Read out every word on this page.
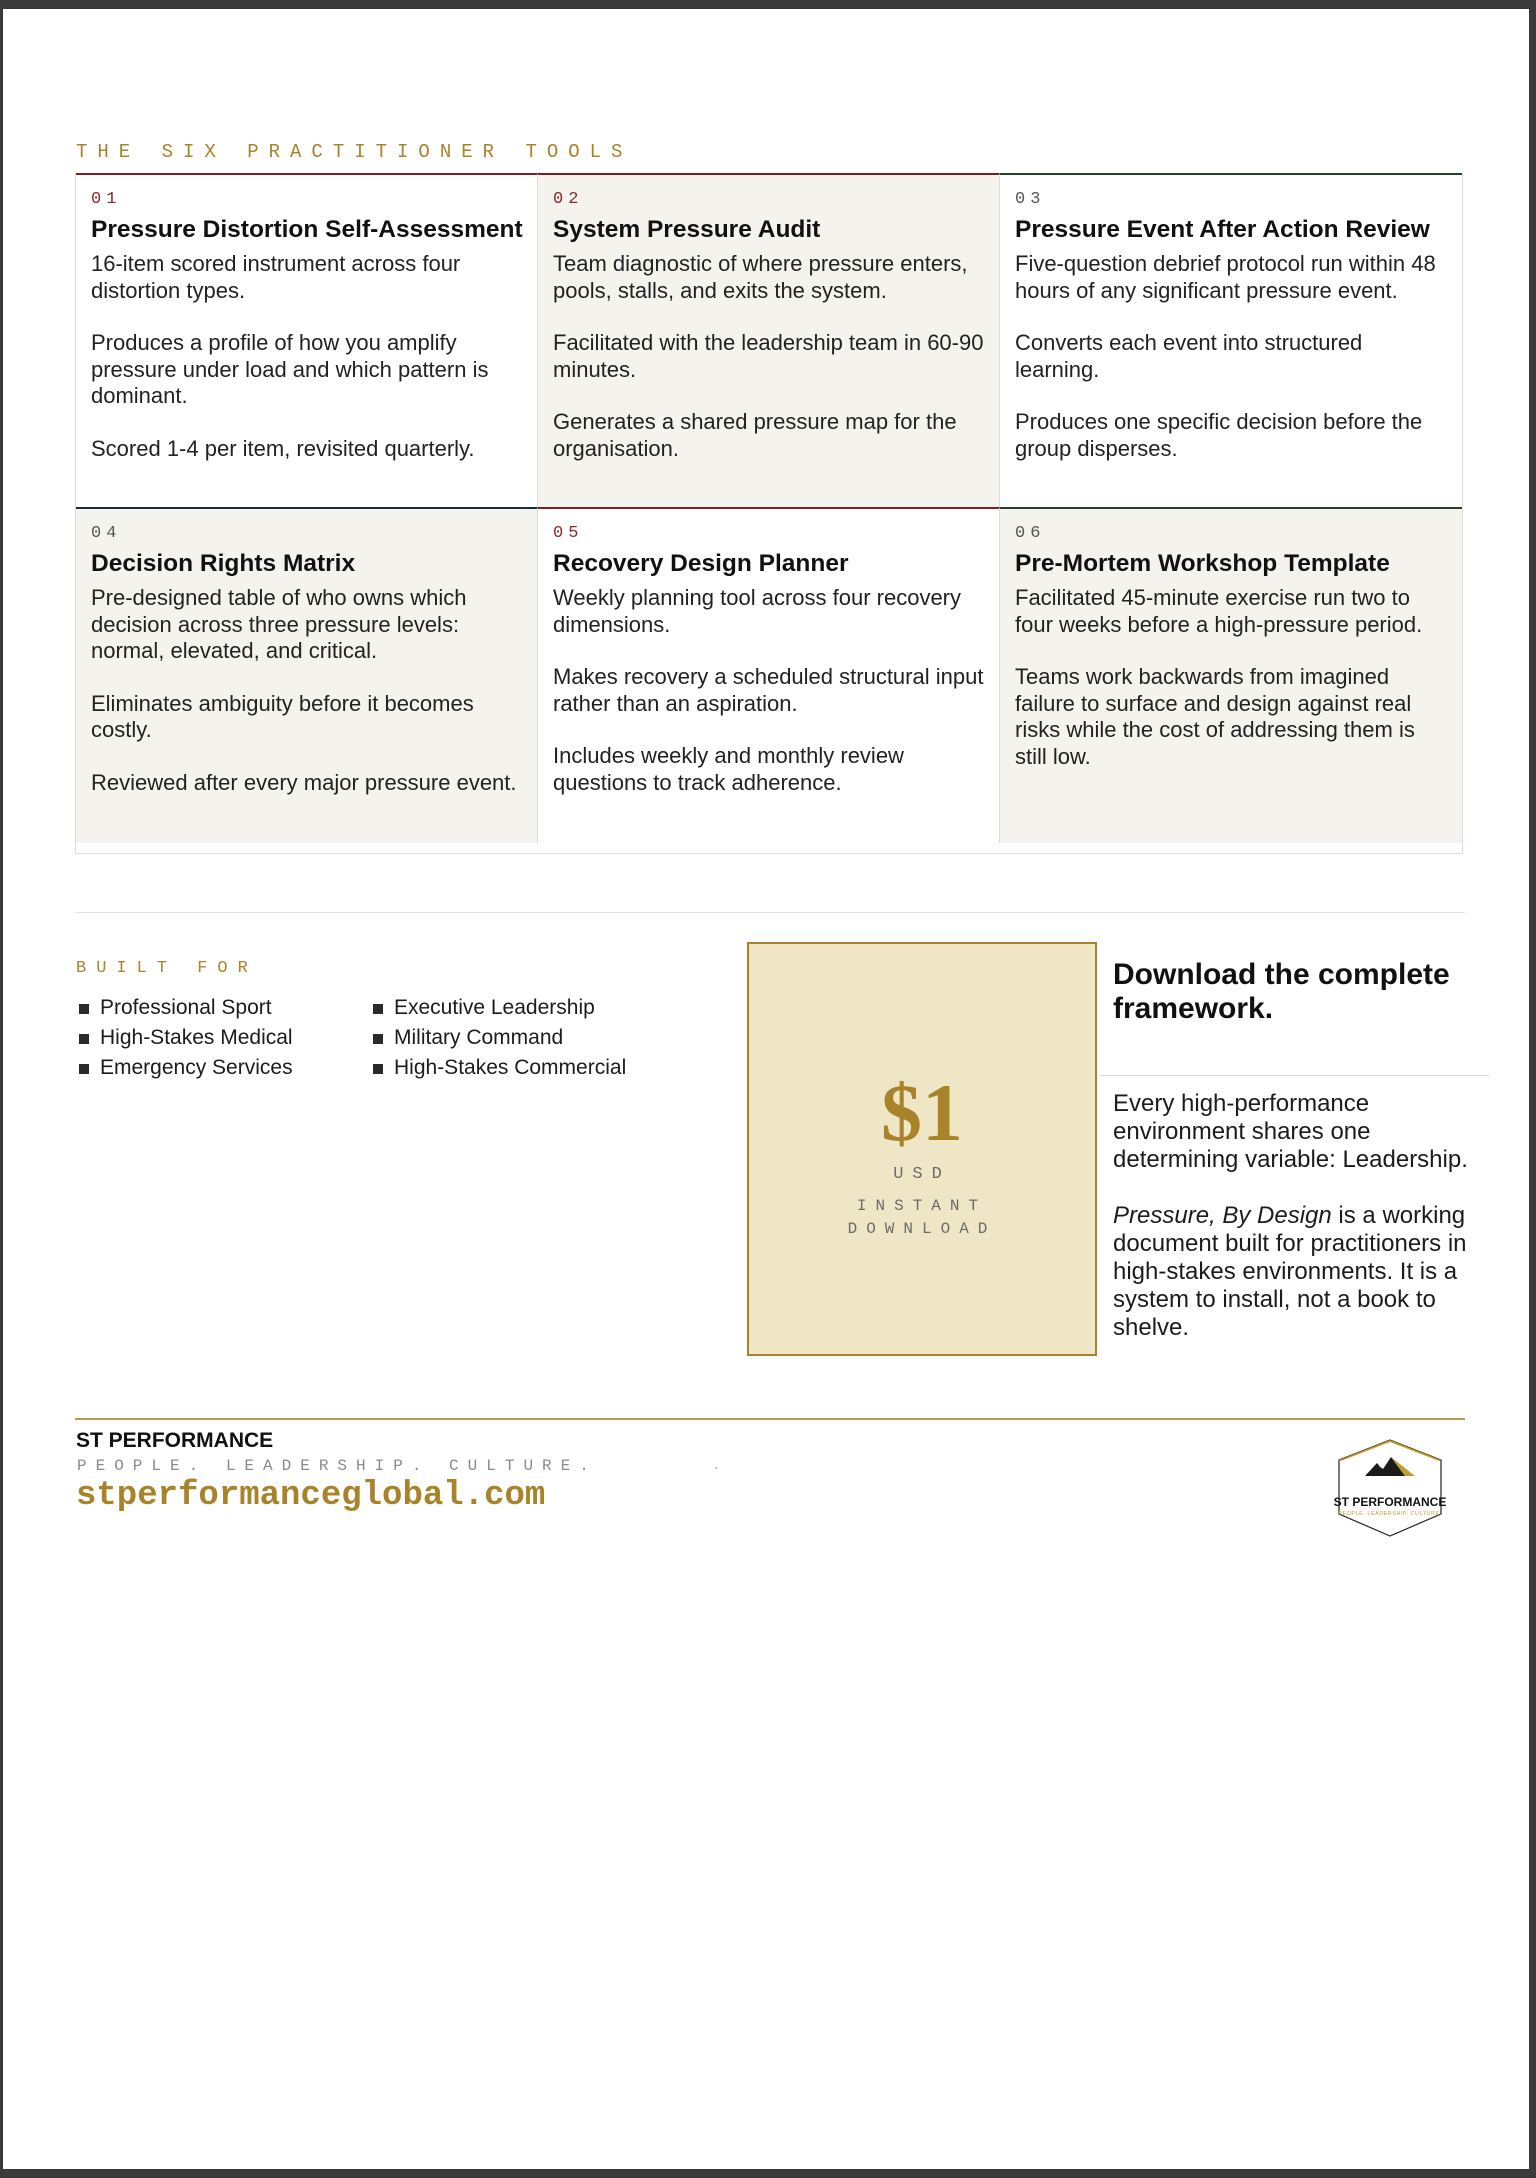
THE SIX PRACTITIONER TOOLS
01
Pressure Distortion Self-Assessment

16-item scored instrument across four distortion types.

Produces a profile of how you amplify pressure under load and which pattern is dominant.

Scored 1-4 per item, revisited quarterly.

02
System Pressure Audit

Team diagnostic of where pressure enters, pools, stalls, and exits the system.

Facilitated with the leadership team in 60-90 minutes.

Generates a shared pressure map for the organisation.

03
Pressure Event After Action Review

Five-question debrief protocol run within 48 hours of any significant pressure event.

Converts each event into structured learning.

Produces one specific decision before the group disperses.

04
Decision Rights Matrix

Pre-designed table of who owns which decision across three pressure levels: normal, elevated, and critical.

Eliminates ambiguity before it becomes costly.

Reviewed after every major pressure event.

05
Recovery Design Planner

Weekly planning tool across four recovery dimensions.

Makes recovery a scheduled structural input rather than an aspiration.

Includes weekly and monthly review questions to track adherence.

06
Pre-Mortem Workshop Template

Facilitated 45-minute exercise run two to four weeks before a high-pressure period.

Teams work backwards from imagined failure to surface and design against real risks while the cost of addressing them is still low.

BUILT FOR
Professional Sport
High-Stakes Medical
Emergency Services
Executive Leadership
Military Command
High-Stakes Commercial	$1
USD
INSTANT
DOWNLOAD
Download the complete framework.

Every high-performance environment shares one determining variable: Leadership.

Pressure, By Design is a working document built for practitioners in high-stakes environments. It is a system to install, not a book to shelve.

ST PERFORMANCE
PEOPLE. LEADERSHIP. CULTURE.	·
stperformanceglobal.com	ST PERFORMANCE
PEOPLE. LEADERSHIP. CULTURE.
